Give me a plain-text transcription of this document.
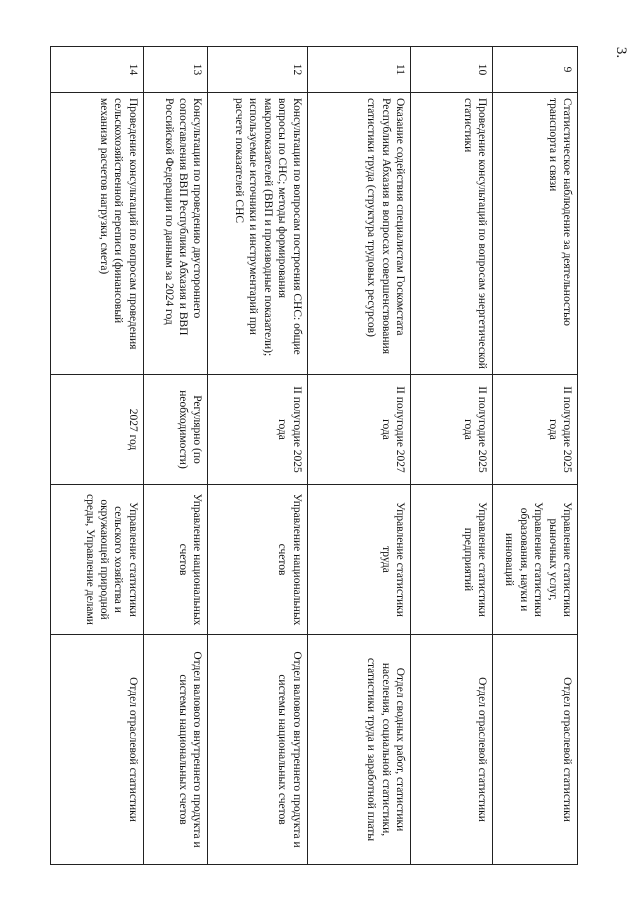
3.
9	Статистическое наблюдение за деятельностью транспорта и связи	II полугодие 2025 года	Управление статистики рыночных услуг, Управление статистики образования, науки и инноваций	Отдел отраслевой статистики
10	Проведение консультаций по вопросам энергетической статистики	II полугодие 2025 года	Управление статистики предприятий	Отдел отраслевой статистики
11	Оказание содействия специалистам Госкомстата Республики Абхазия в вопросах совершенствования статистики труда (структура трудовых ресурсов)	II полугодие 2027 года	Управление статистики труда	Отдел сводных работ, статистики населения, социальной статистики, статистики труда и заработной платы
12	Консультации по вопросам построения СНС: общие вопросы по СНС; методы формирования макропоказателей (ВВП и производные показатели); используемые источники и инструментарий при расчете показателей СНС	II полугодие 2025 года	Управление национальных счетов	Отдел валового внутреннего продукта и системы национальных счетов
13	Консультации по проведению двустороннего сопоставления ВВП Республики Абхазия и ВВП Российской Федерации по данным за 2024 год	Регулярно (по необходимости)	Управление национальных счетов	Отдел валового внутреннего продукта и системы национальных счетов
14	Проведение консультаций по вопросам проведения сельскохозяйственной переписи (финансовый механизм расчетов нагрузки, смета)	2027 год	Управление статистики сельского хозяйства и окружающей природной среды, Управление делами	Отдел отраслевой статистики
